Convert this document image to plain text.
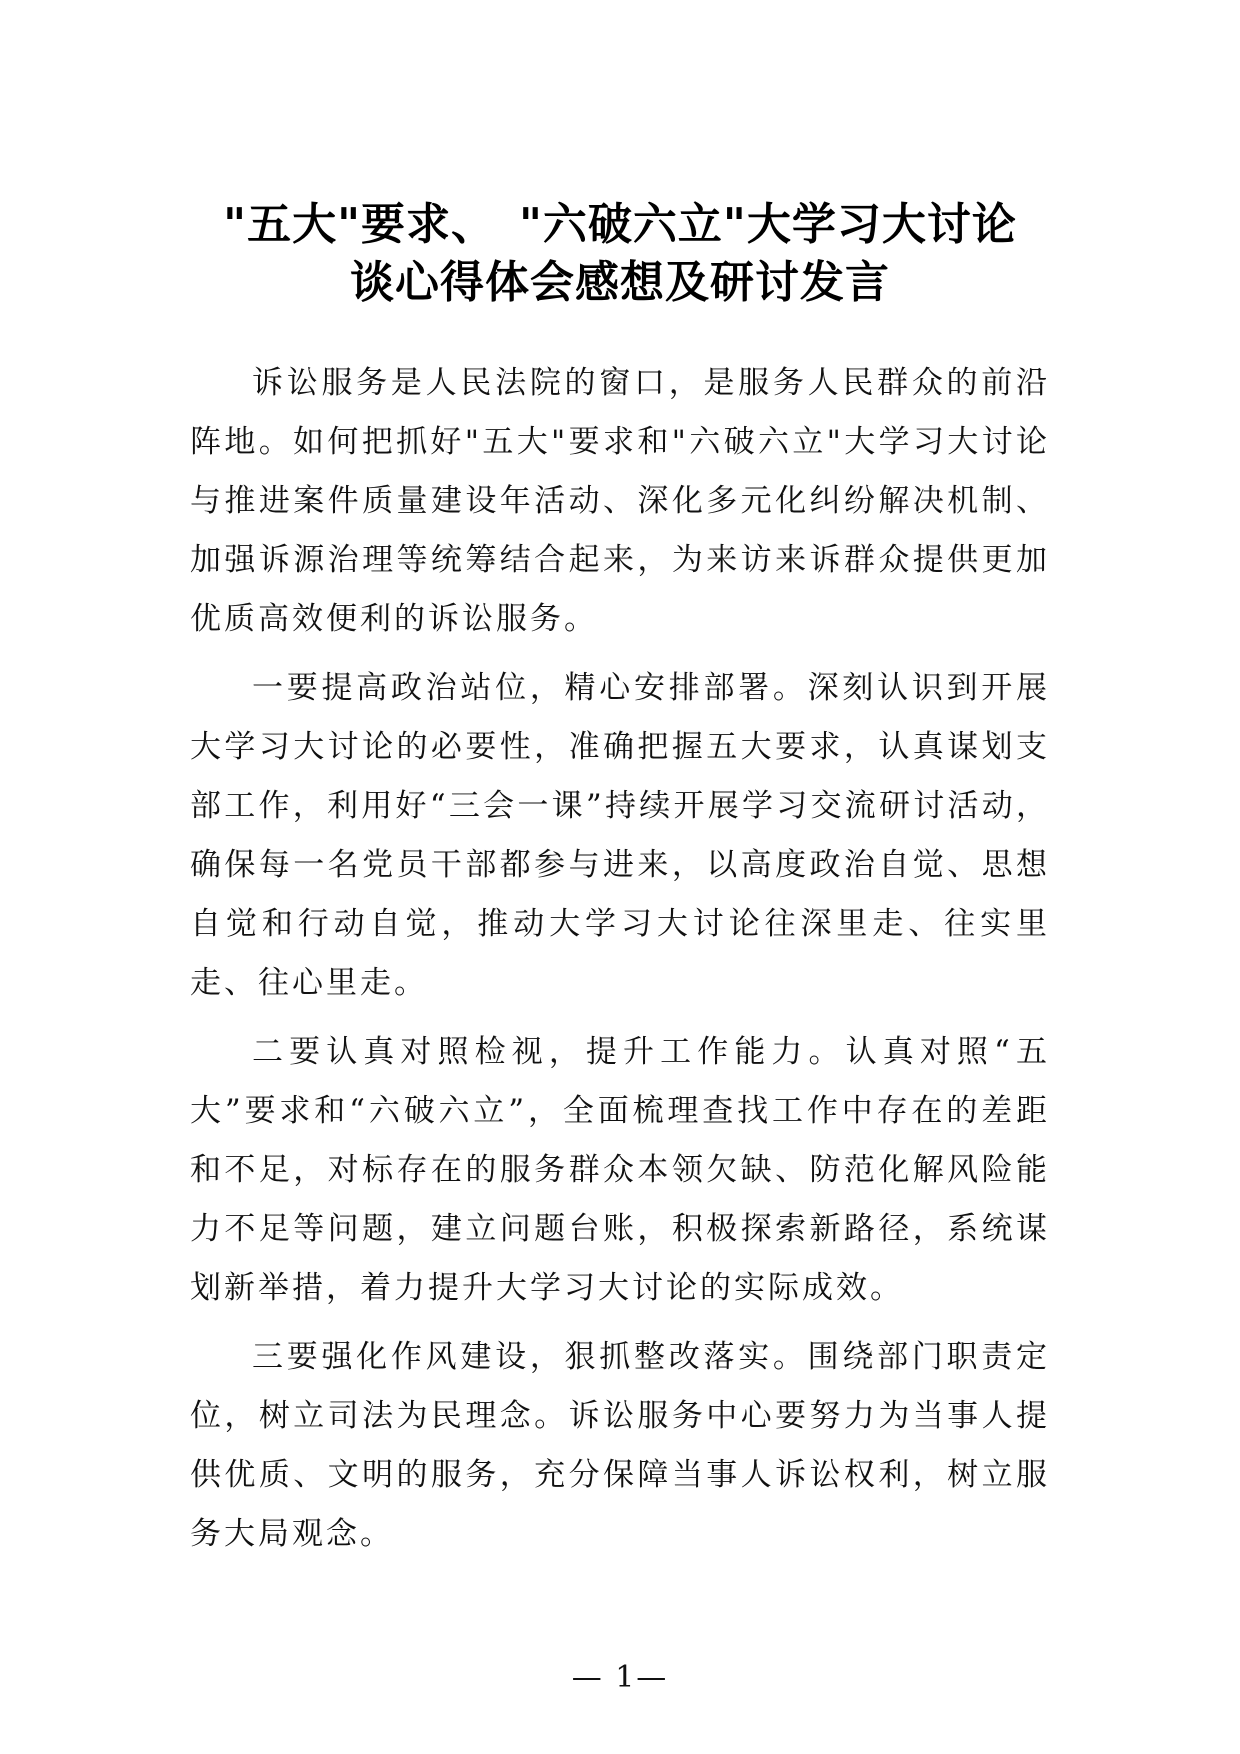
"五大"要求、　"六破六立"大学习大讨论
谈心得体会感想及研讨发言

诉讼服务是人民法院的窗口，是服务人民群众的前沿阵地。如何把抓好"五大"要求和"六破六立"大学习大讨论与推进案件质量建设年活动、深化多元化纠纷解决机制、加强诉源治理等统筹结合起来，为来访来诉群众提供更加优质高效便利的诉讼服务。

一要提高政治站位，精心安排部署。深刻认识到开展大学习大讨论的必要性，准确把握五大要求，认真谋划支部工作，利用好“三会一课”持续开展学习交流研讨活动，确保每一名党员干部都参与进来，以高度政治自觉、思想自觉和行动自觉，推动大学习大讨论往深里走、往实里走、往心里走。

二要认真对照检视，提升工作能力。认真对照“五大”要求和“六破六立”，全面梳理查找工作中存在的差距和不足，对标存在的服务群众本领欠缺、防范化解风险能力不足等问题，建立问题台账，积极探索新路径，系统谋划新举措，着力提升大学习大讨论的实际成效。

三要强化作风建设，狠抓整改落实。围绕部门职责定位，树立司法为民理念。诉讼服务中心要努力为当事人提供优质、文明的服务，充分保障当事人诉讼权利，树立服务大局观念。

— 1—
